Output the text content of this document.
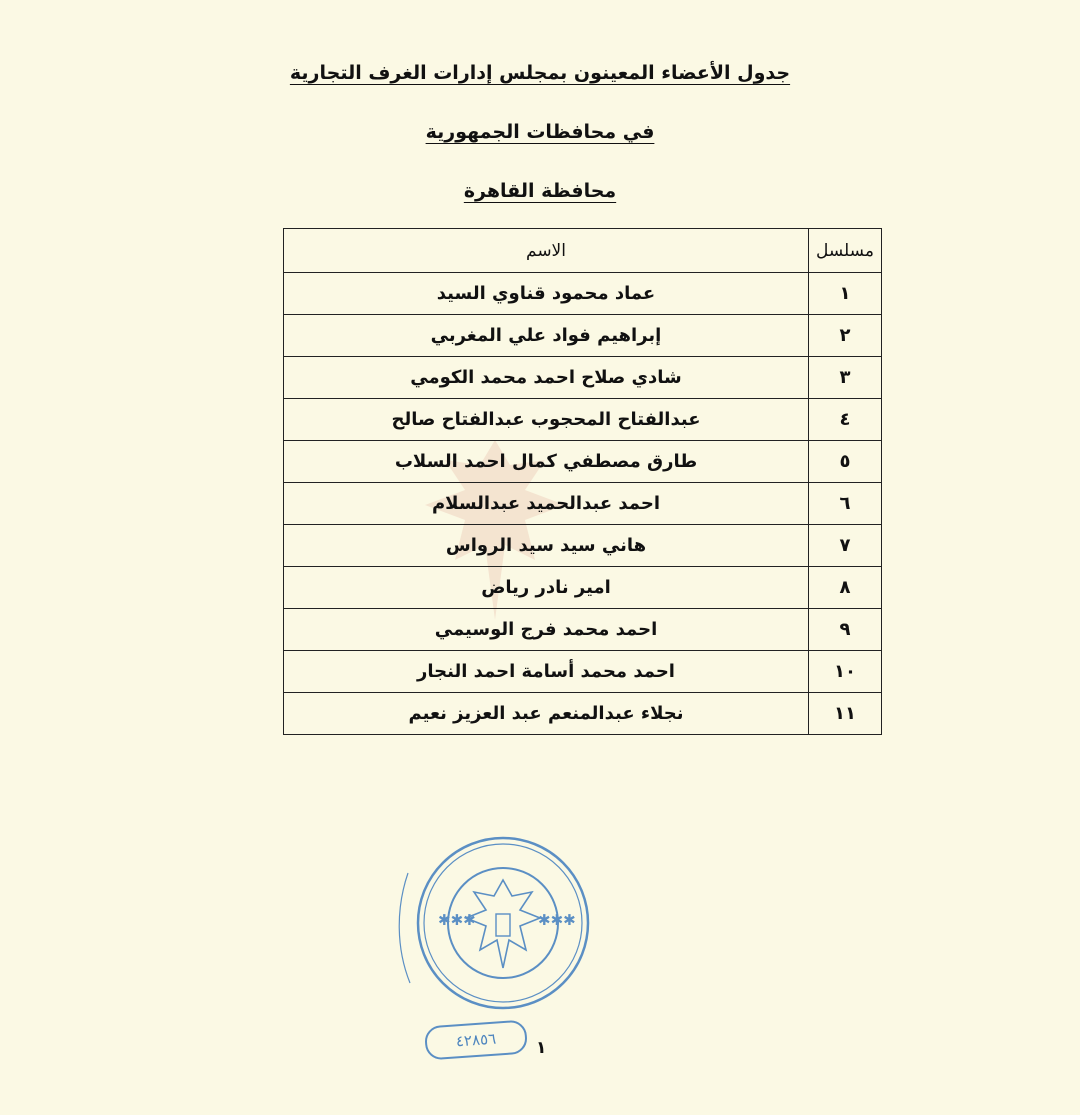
جدول الأعضاء المعينون بمجلس إدارات الغرف التجارية
في محافظات الجمهورية
محافظة القاهرة
مسلسل	الاسم
١	عماد محمود قناوي السيد
٢	إبراهيم فواد علي المغربي
٣	شادي صلاح احمد محمد الكومي
٤	عبدالفتاح المحجوب عبدالفتاح صالح
٥	طارق مصطفي كمال احمد السلاب
٦	احمد عبدالحميد عبدالسلام
٧	هاني سيد سيد الرواس
٨	امير نادر رياض
٩	احمد محمد فرج الوسيمي
١٠	احمد محمد أسامة احمد النجار
١١	نجلاء عبدالمنعم عبد العزيز نعيم
✱✱✱	✱✱✱
٤٢٨٥٦	١
